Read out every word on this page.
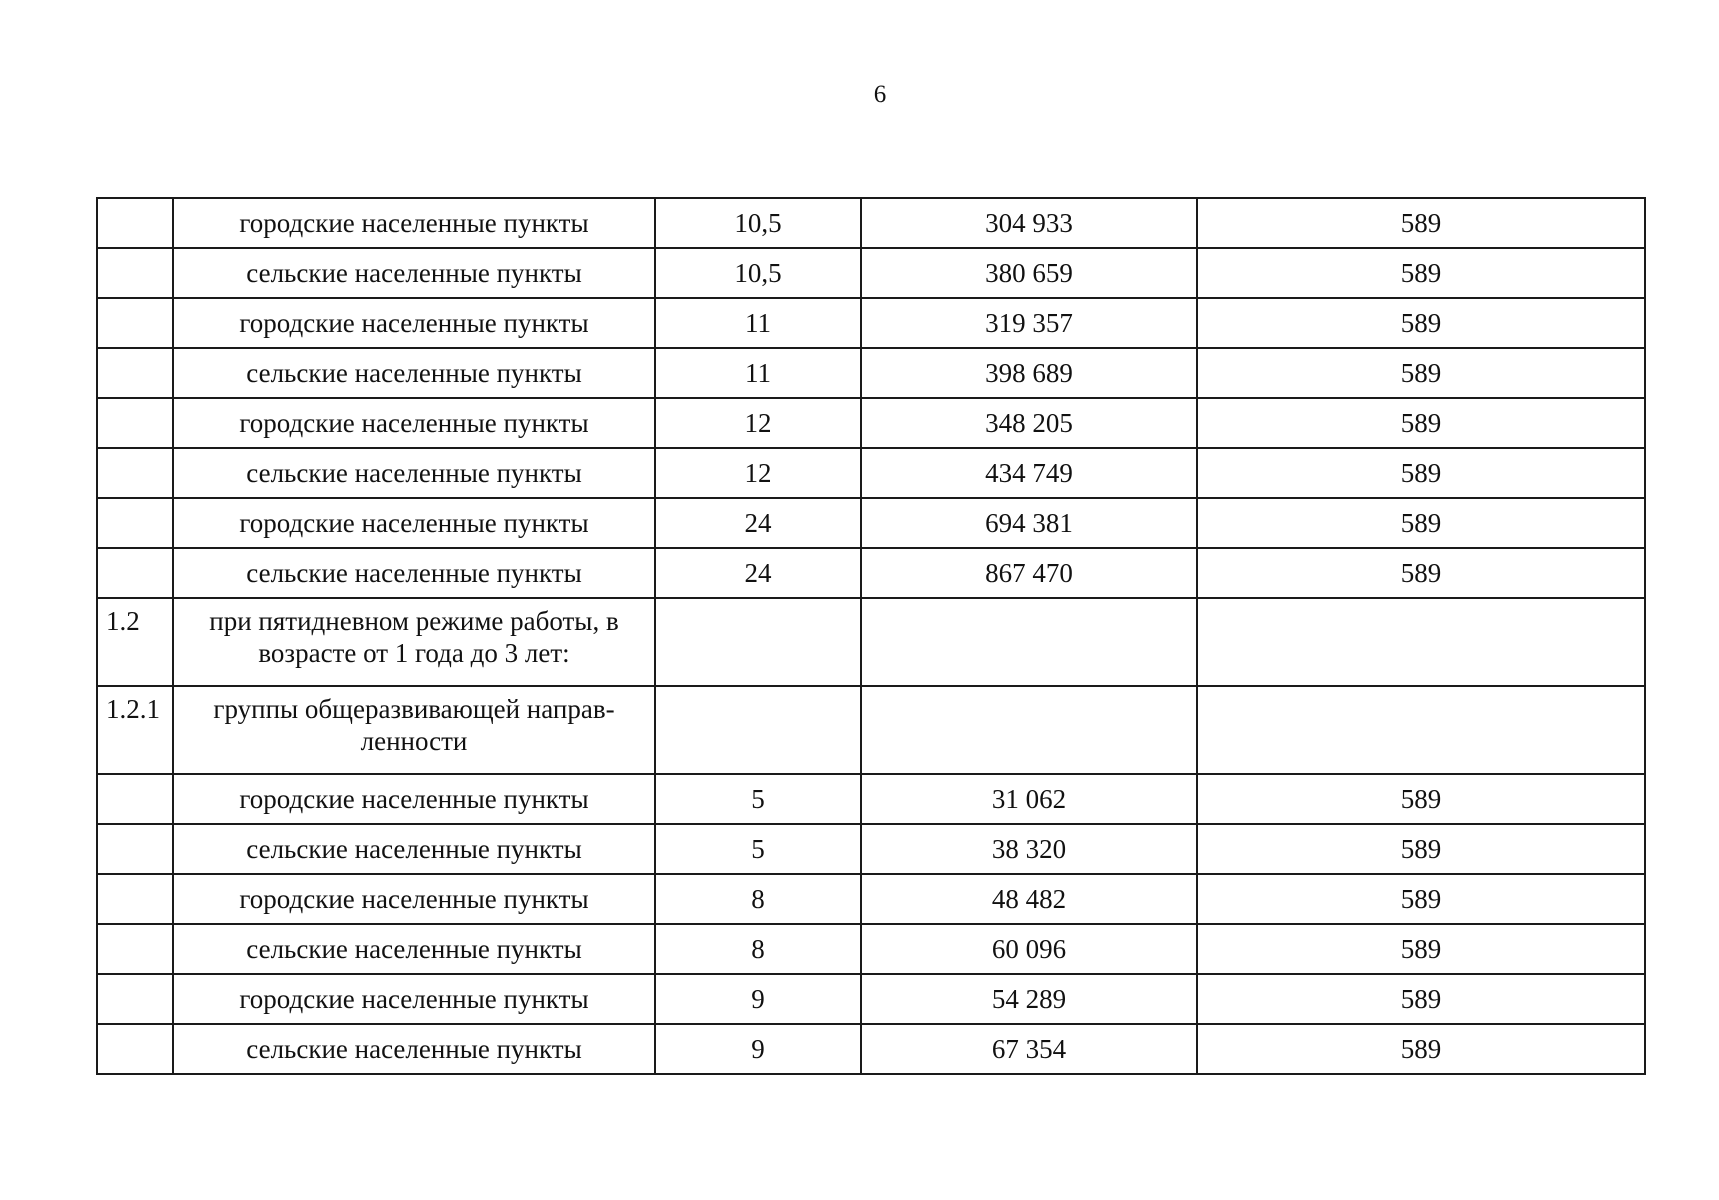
6
	городские населенные пункты	10,5	304 933	589
	сельские населенные пункты	10,5	380 659	589
	городские населенные пункты	11	319 357	589
	сельские населенные пункты	11	398 689	589
	городские населенные пункты	12	348 205	589
	сельские населенные пункты	12	434 749	589
	городские населенные пункты	24	694 381	589
	сельские населенные пункты	24	867 470	589
1.2	при пятидневном режиме работы, в возрасте от 1 года до 3 лет:			
1.2.1	группы общеразвивающей направ-ленности			
	городские населенные пункты	5	31 062	589
	сельские населенные пункты	5	38 320	589
	городские населенные пункты	8	48 482	589
	сельские населенные пункты	8	60 096	589
	городские населенные пункты	9	54 289	589
	сельские населенные пункты	9	67 354	589
